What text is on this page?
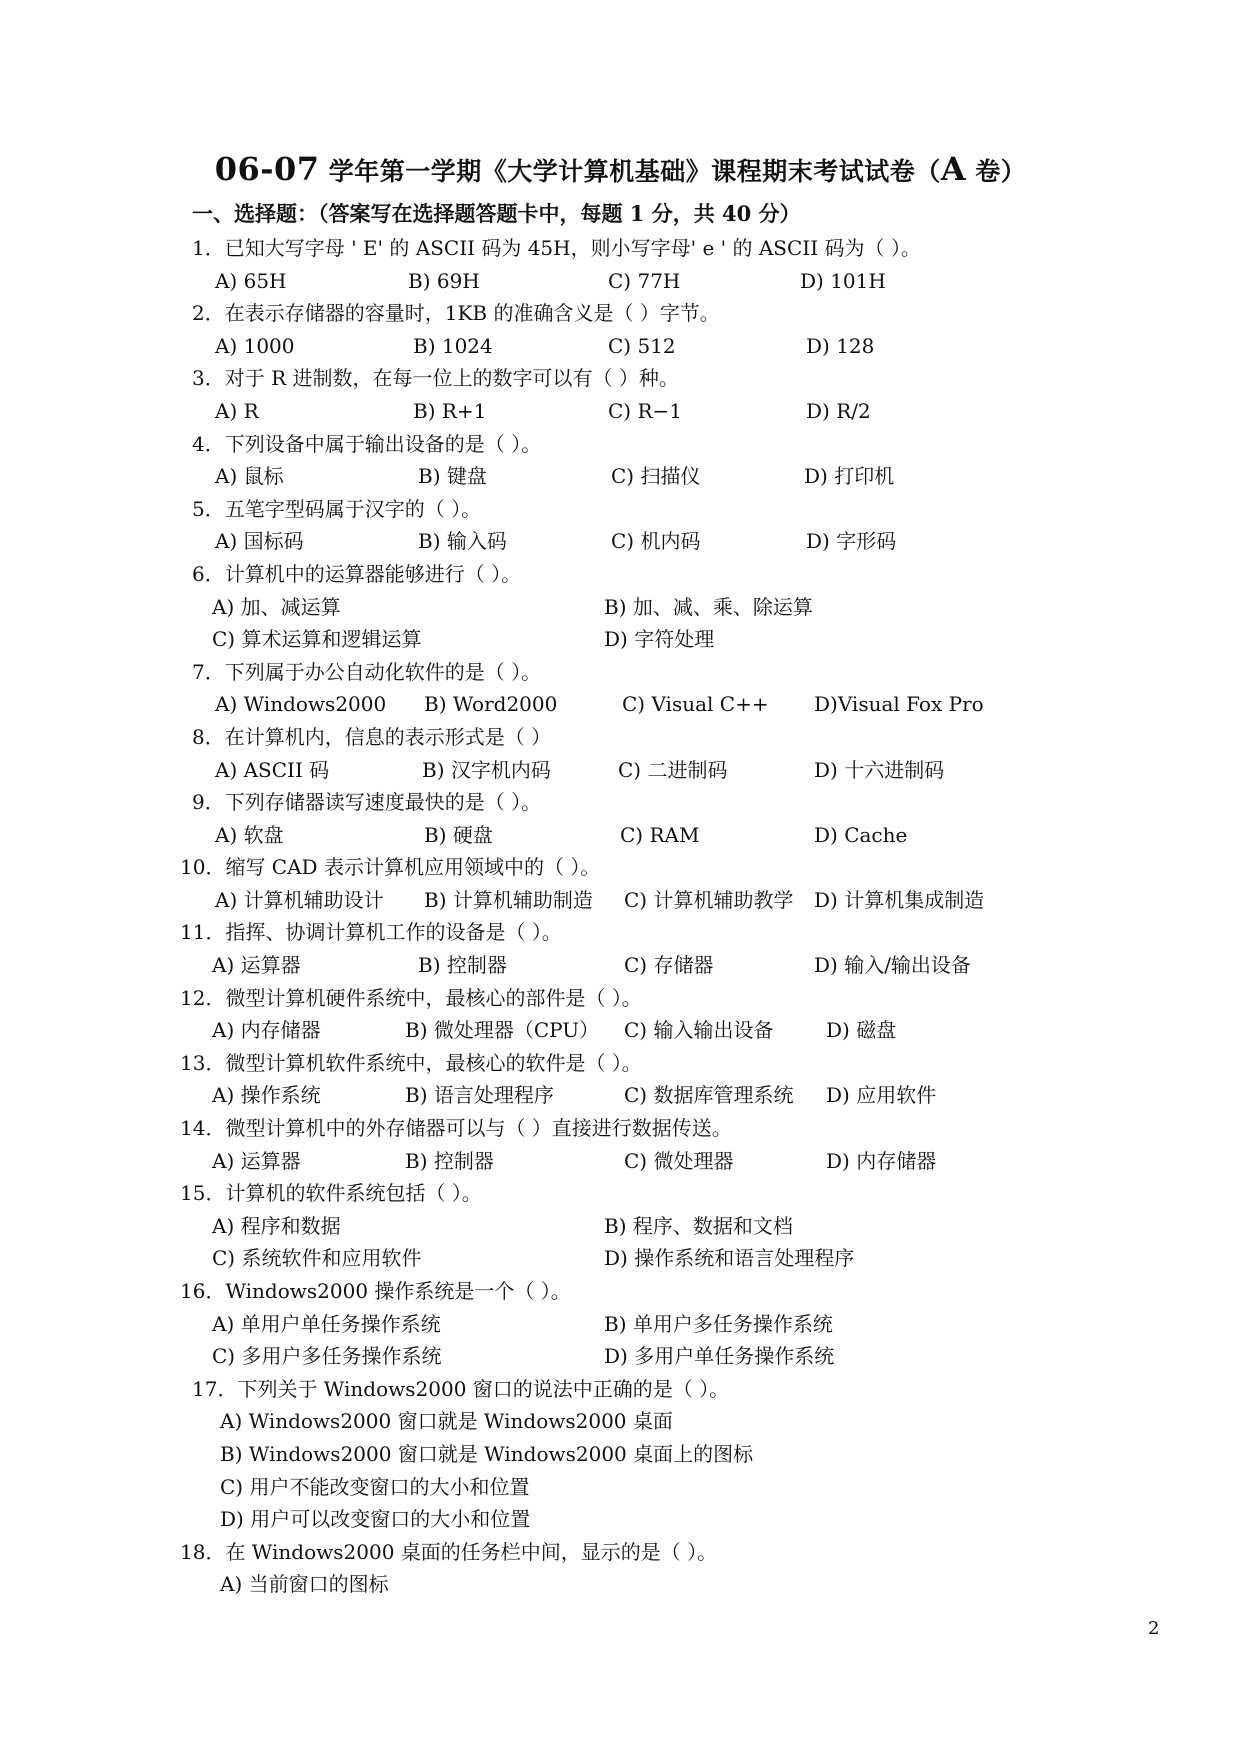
06-07 学年第一学期《大学计算机基础》课程期末考试试卷（A 卷）
一、选择题：（答案写在选择题答题卡中，每题 1 分，共 40 分）
1．已知大写字母 ' E' 的 ASCII 码为 45H，则小写字母' e ' 的 ASCII 码为（ ）。
A) 65H	B) 69H	C) 77H	D) 101H
2．在表示存储器的容量时，1KB 的准确含义是（ ）字节。
A) 1000	B) 1024	C) 512	D) 128
3．对于 R 进制数，在每一位上的数字可以有（ ）种。
A) R	B) R+1	C) R−1	D) R/2
4．下列设备中属于输出设备的是（ ）。
A) 鼠标	B) 键盘	C) 扫描仪	D) 打印机
5．五笔字型码属于汉字的（ ）。
A) 国标码	B) 输入码	C) 机内码	D) 字形码
6．计算机中的运算器能够进行（ ）。
A) 加、减运算	B) 加、减、乘、除运算
C) 算术运算和逻辑运算	D) 字符处理
7．下列属于办公自动化软件的是（ ）。
A) Windows2000 B) Word2000	C) Visual C++ D)Visual Fox Pro
8．在计算机内，信息的表示形式是（ ）
A) ASCII 码	B) 汉字机内码	C) 二进制码	D) 十六进制码
9．下列存储器读写速度最快的是（ ）。
A) 软盘	B) 硬盘	C) RAM	D) Cache
10．缩写 CAD 表示计算机应用领域中的（ ）。
A) 计算机辅助设计 B) 计算机辅助制造 C) 计算机辅助教学 D) 计算机集成制造
11．指挥、协调计算机工作的设备是（ ）。
A) 运算器	B) 控制器	C) 存储器	D) 输入/输出设备
12．微型计算机硬件系统中，最核心的部件是（ ）。
A) 内存储器	B) 微处理器（CPU） C) 输入输出设备	D) 磁盘
13．微型计算机软件系统中，最核心的软件是（ ）。
A) 操作系统	B) 语言处理程序	C) 数据库管理系统 D) 应用软件
14．微型计算机中的外存储器可以与（ ）直接进行数据传送。
A) 运算器	B) 控制器	C) 微处理器	D) 内存储器
15．计算机的软件系统包括（ ）。
A) 程序和数据	B) 程序、数据和文档
C) 系统软件和应用软件	D) 操作系统和语言处理程序
16．Windows2000 操作系统是一个（ ）。
A) 单用户单任务操作系统	B) 单用户多任务操作系统
C) 多用户多任务操作系统	D) 多用户单任务操作系统
17．下列关于 Windows2000 窗口的说法中正确的是（ ）。
A) Windows2000 窗口就是 Windows2000 桌面
B) Windows2000 窗口就是 Windows2000 桌面上的图标
C) 用户不能改变窗口的大小和位置
D) 用户可以改变窗口的大小和位置
18．在 Windows2000 桌面的任务栏中间，显示的是（ ）。
A) 当前窗口的图标
2
